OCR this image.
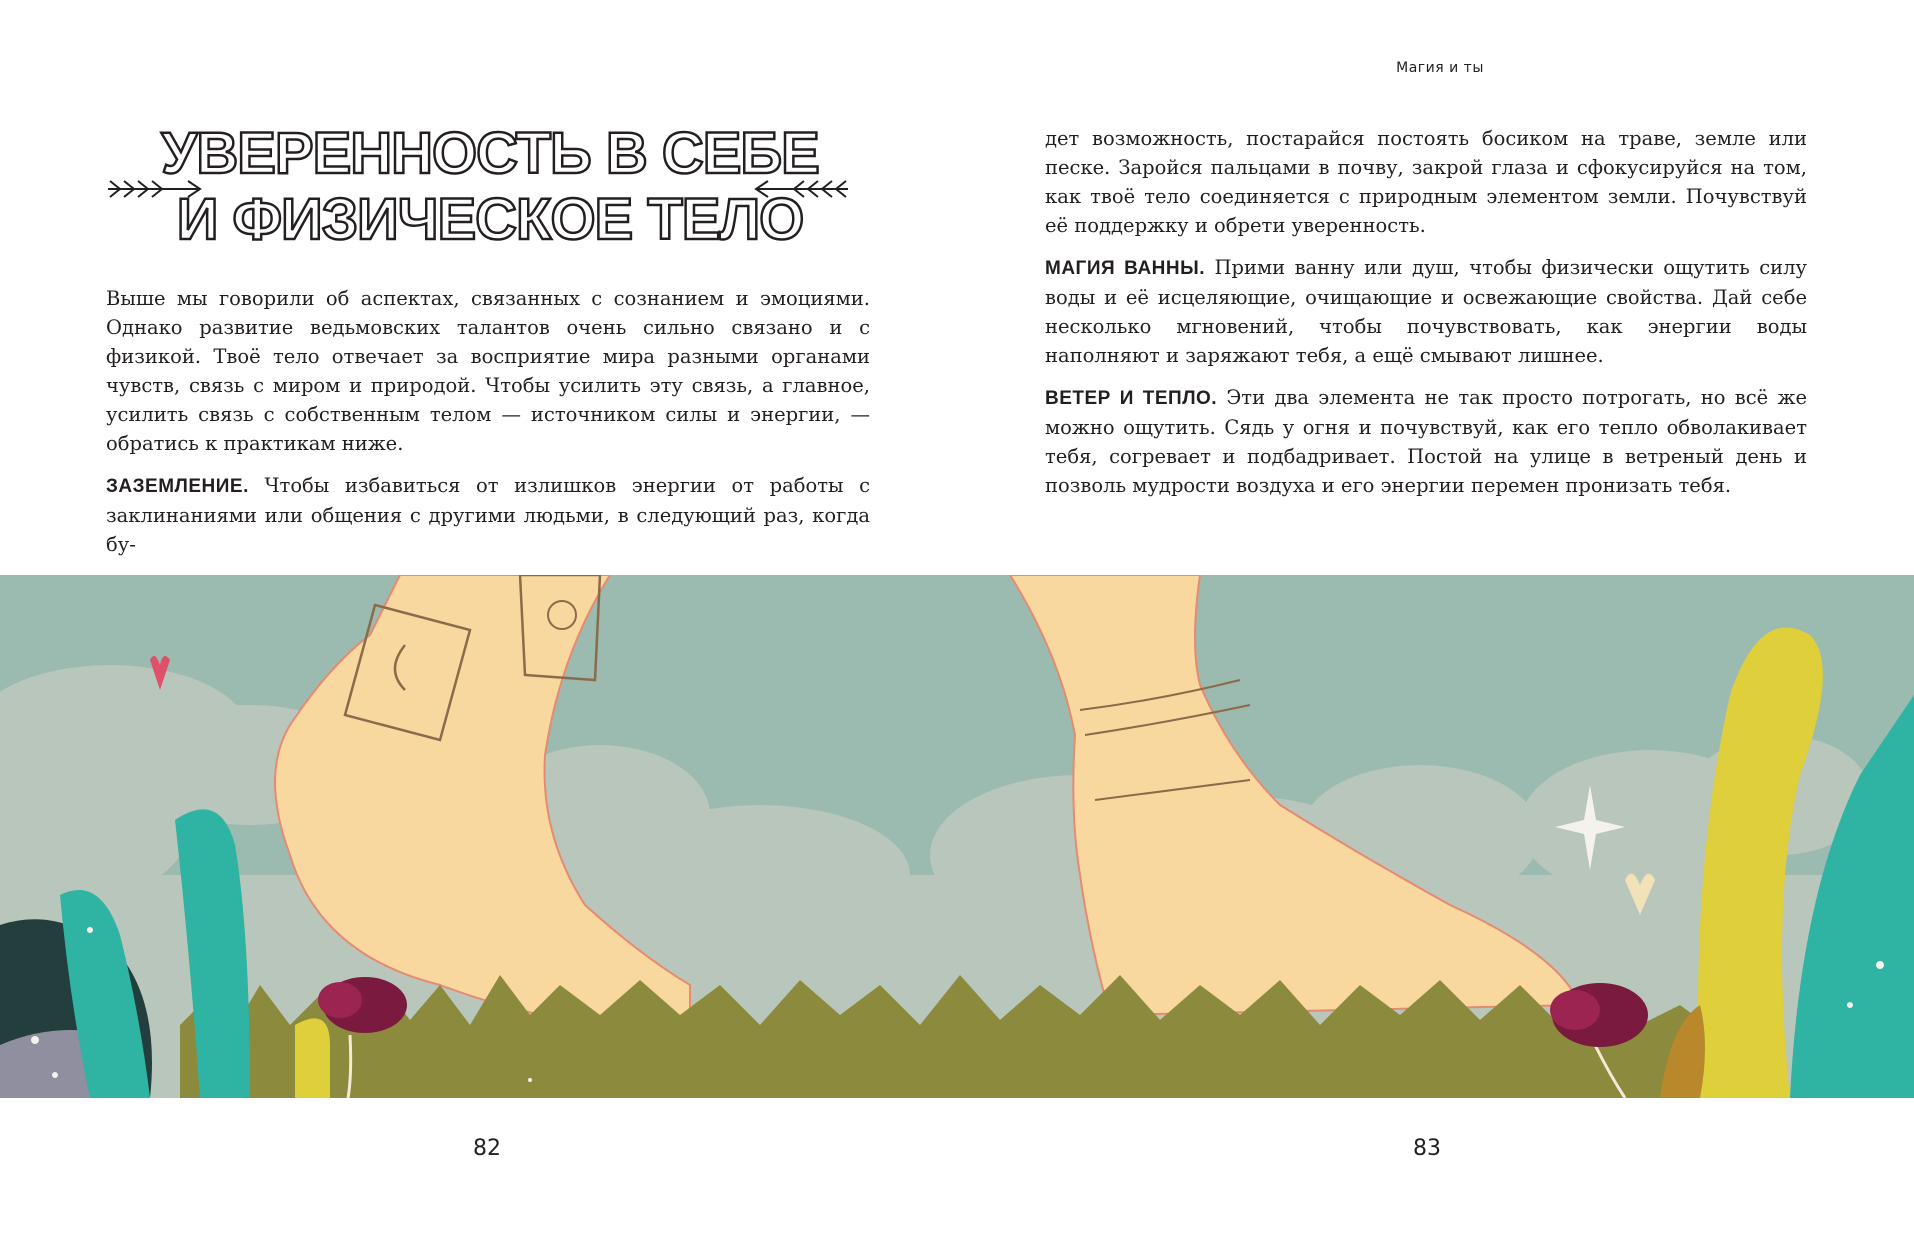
Магия и ты
УВЕРЕННОСТЬ В СЕБЕ
И ФИЗИЧЕСКОЕ ТЕЛО

Выше мы говорили об аспектах, связанных с сознанием и эмоциями. Однако развитие ведьмовских талантов очень сильно связано и с физикой. Твоё тело отвечает за восприятие мира разными органами чувств, связь с миром и природой. Чтобы усилить эту связь, а главное, усилить связь с собственным телом — источником силы и энергии, — обратись к практикам ниже.

ЗАЗЕМЛЕНИЕ. Чтобы избавиться от излишков энергии от работы с заклинаниями или общения с другими людьми, в следующий раз, когда бу-

дет возможность, постарайся постоять босиком на траве, земле или песке. Заройся пальцами в почву, закрой глаза и сфокусируйся на том, как твоё тело соединяется с природным элементом земли. Почувствуй её поддержку и обрети уверенность.

МАГИЯ ВАННЫ. Прими ванну или душ, чтобы физически ощутить силу воды и её исцеляющие, очищающие и освежающие свойства. Дай себе несколько мгновений, чтобы почувствовать, как энергии воды наполняют и заряжают тебя, а ещё смывают лишнее.

ВЕТЕР И ТЕПЛО. Эти два элемента не так просто потрогать, но всё же можно ощутить. Сядь у огня и почувствуй, как его тепло обволакивает тебя, согревает и подбадривает. Постой на улице в ветреный день и позволь мудрости воздуха и его энергии перемен пронизать тебя.

82	83
